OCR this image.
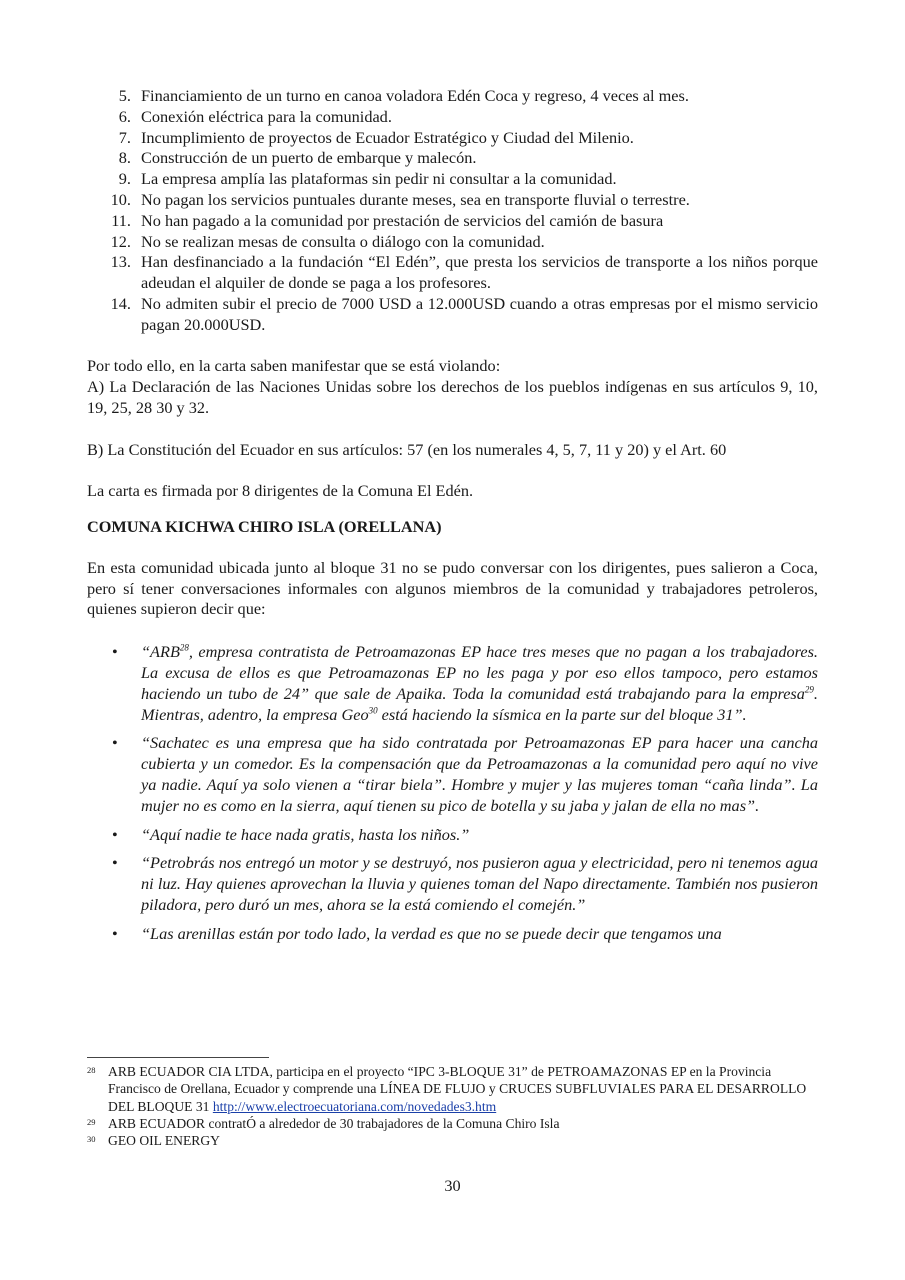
5. Financiamiento de un turno en canoa voladora Edén Coca y regreso, 4 veces al mes.
6. Conexión eléctrica para la comunidad.
7. Incumplimiento de proyectos de Ecuador Estratégico y Ciudad del Milenio.
8. Construcción de un puerto de embarque y malecón.
9. La empresa amplía las plataformas sin pedir ni consultar a la comunidad.
10. No pagan los servicios puntuales durante meses, sea en transporte fluvial o terrestre.
11. No han pagado a la comunidad por prestación de servicios del camión de basura
12. No se realizan mesas de consulta o diálogo con la comunidad.
13. Han desfinanciado a la fundación “El Edén”, que presta los servicios de transporte a los niños porque adeudan el alquiler de donde se paga a los profesores.
14. No admiten subir el precio de 7000 USD a 12.000USD cuando a otras empresas por el mismo servicio pagan 20.000USD.

Por todo ello, en la carta saben manifestar que se está violando:

A) La Declaración de las Naciones Unidas sobre los derechos de los pueblos indígenas en sus artículos 9, 10, 19, 25, 28 30 y 32.

B) La Constitución del Ecuador en sus artículos: 57 (en los numerales 4, 5, 7, 11 y 20) y el Art. 60

La carta es firmada por 8 dirigentes de la Comuna El Edén.

COMUNA KICHWA CHIRO ISLA (ORELLANA)

En esta comunidad ubicada junto al bloque 31 no se pudo conversar con los dirigentes, pues salieron a Coca, pero sí tener conversaciones informales con algunos miembros de la comunidad y trabajadores petroleros, quienes supieron decir que:

• “ARB$^{28}$, empresa contratista de Petroamazonas EP hace tres meses que no pagan a los trabajadores. La excusa de ellos es que Petroamazonas EP no les paga y por eso ellos tampoco, pero estamos haciendo un tubo de 24” que sale de Apaika. Toda la comunidad está trabajando para la empresa$^{29}$. Mientras, adentro, la empresa Geo$^{30}$ está haciendo la sísmica en la parte sur del bloque 31”.
• “Sachatec es una empresa que ha sido contratada por Petroamazonas EP para hacer una cancha cubierta y un comedor. Es la compensación que da Petroamazonas a la comunidad pero aquí no vive ya nadie. Aquí ya solo vienen a “tirar biela”. Hombre y mujer y las mujeres toman “caña linda”. La mujer no es como en la sierra, aquí tienen su pico de botella y su jaba y jalan de ella no mas”.
• “Aquí nadie te hace nada gratis, hasta los niños.”
• “Petrobrás nos entregó un motor y se destruyó, nos pusieron agua y electricidad, pero ni tenemos agua ni luz. Hay quienes aprovechan la lluvia y quienes toman del Napo directamente. También nos pusieron piladora, pero duró un mes, ahora se la está comiendo el comején.”
• “Las arenillas están por todo lado, la verdad es que no se puede decir que tengamos una

28 ARB ECUADOR CIA LTDA, participa en el proyecto “IPC 3-BLOQUE 31” de PETROAMAZONAS EP en la Provincia Francisco de Orellana, Ecuador y comprende una LÍNEA DE FLUJO y CRUCES SUBFLUVIALES PARA EL DESARROLLO DEL BLOQUE 31 http://www.electroecuatoriana.com/novedades3.htm

29 ARB ECUADOR contratÓ a alrededor de 30 trabajadores de la Comuna Chiro Isla

30 GEO OIL ENERGY

30
